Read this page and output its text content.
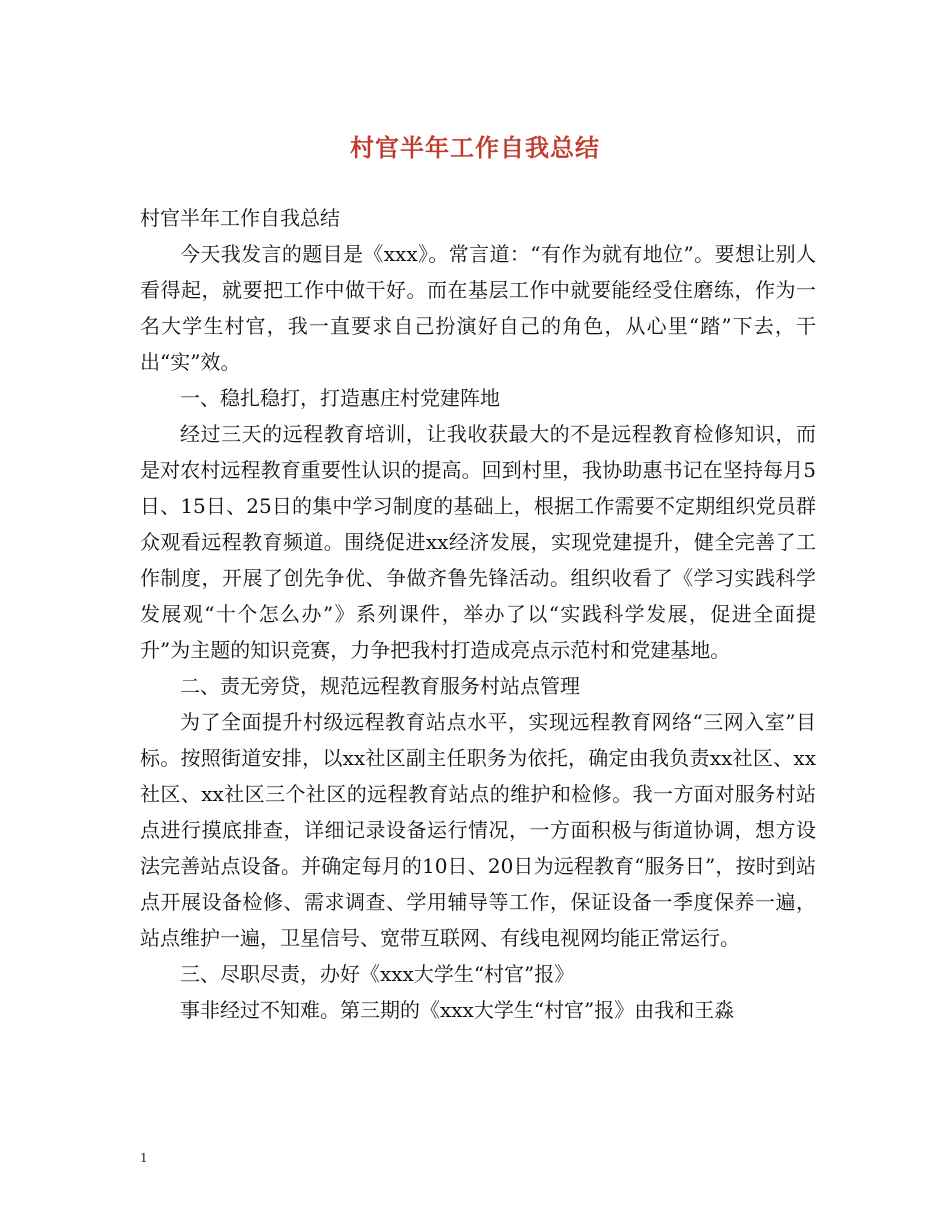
村官半年工作自我总结

村官半年工作自我总结

今天我发言的题目是《xxx》。常言道：“有作为就有地位”。要想让别人看得起，就要把工作中做干好。而在基层工作中就要能经受住磨练，作为一名大学生村官，我一直要求自己扮演好自己的角色，从心里“踏”下去，干出“实”效。

一、稳扎稳打，打造惠庄村党建阵地

经过三天的远程教育培训，让我收获最大的不是远程教育检修知识，而是对农村远程教育重要性认识的提高。回到村里，我协助惠书记在坚持每月5日、15日、25日的集中学习制度的基础上，根据工作需要不定期组织党员群众观看远程教育频道。围绕促进xx经济发展，实现党建提升，健全完善了工作制度，开展了创先争优、争做齐鲁先锋活动。组织收看了《学习实践科学发展观“十个怎么办”》系列课件，举办了以“实践科学发展，促进全面提升”为主题的知识竞赛，力争把我村打造成亮点示范村和党建基地。

二、责无旁贷，规范远程教育服务村站点管理

为了全面提升村级远程教育站点水平，实现远程教育网络“三网入室”目标。按照街道安排，以xx社区副主任职务为依托，确定由我负责xx社区、xx社区、xx社区三个社区的远程教育站点的维护和检修。我一方面对服务村站点进行摸底排查，详细记录设备运行情况，一方面积极与街道协调，想方设法完善站点设备。并确定每月的10日、20日为远程教育“服务日”，按时到站点开展设备检修、需求调查、学用辅导等工作，保证设备一季度保养一遍，站点维护一遍，卫星信号、宽带互联网、有线电视网均能正常运行。

三、尽职尽责，办好《xxx大学生“村官”报》

事非经过不知难。第三期的《xxx大学生“村官”报》由我和王淼

1
